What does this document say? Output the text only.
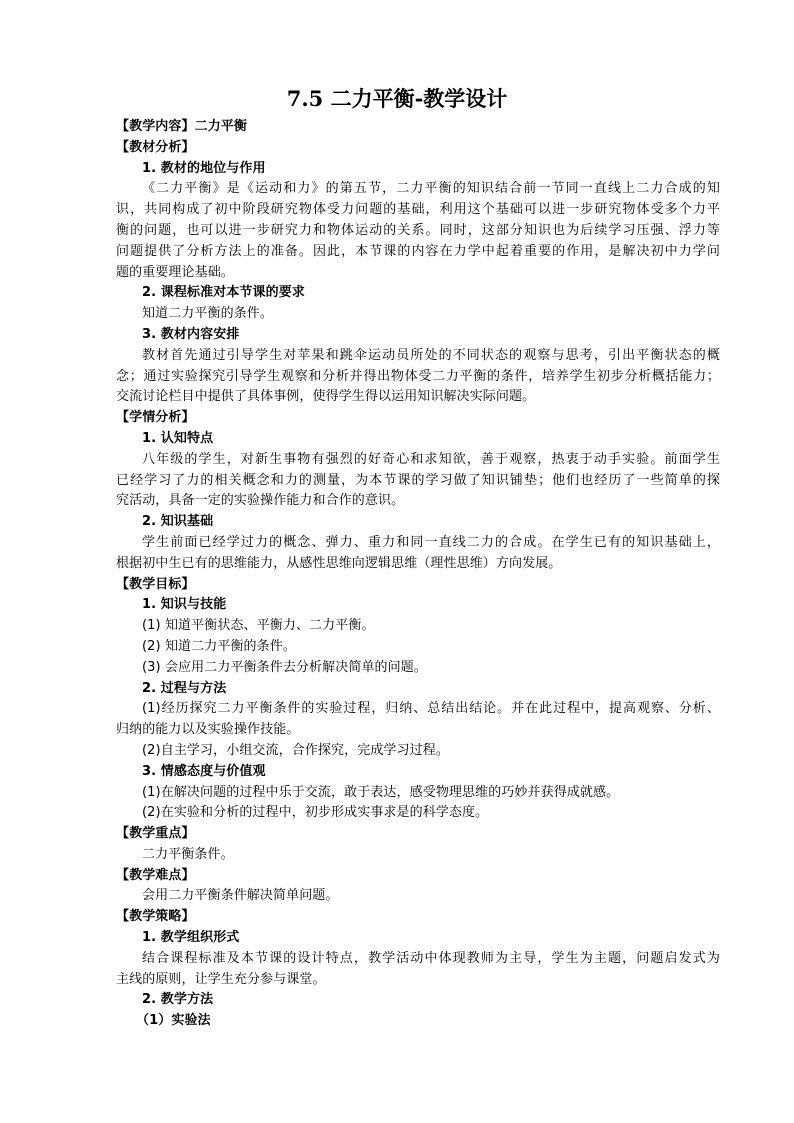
7.5 二力平衡-教学设计
【教学内容】二力平衡
【教材分析】
1. 教材的地位与作用
《二力平衡》是《运动和力》的第五节，二力平衡的知识结合前一节同一直线上二力合成的知
识，共同构成了初中阶段研究物体受力问题的基础，利用这个基础可以进一步研究物体受多个力平
衡的问题，也可以进一步研究力和物体运动的关系。同时，这部分知识也为后续学习压强、浮力等
问题提供了分析方法上的准备。因此，本节课的内容在力学中起着重要的作用，是解决初中力学问
题的重要理论基础。
2. 课程标准对本节课的要求
知道二力平衡的条件。
3. 教材内容安排
教材首先通过引导学生对苹果和跳伞运动员所处的不同状态的观察与思考，引出平衡状态的概
念；通过实验探究引导学生观察和分析并得出物体受二力平衡的条件，培养学生初步分析概括能力；
交流讨论栏目中提供了具体事例，使得学生得以运用知识解决实际问题。
【学情分析】
1. 认知特点
八年级的学生，对新生事物有强烈的好奇心和求知欲，善于观察，热衷于动手实验。前面学生
已经学习了力的相关概念和力的测量，为本节课的学习做了知识铺垫；他们也经历了一些简单的探
究活动，具备一定的实验操作能力和合作的意识。
2. 知识基础
学生前面已经学过力的概念、弹力、重力和同一直线二力的合成。在学生已有的知识基础上，
根据初中生已有的思维能力，从感性思维向逻辑思维（理性思维）方向发展。
【教学目标】
1. 知识与技能
(1) 知道平衡状态、平衡力、二力平衡。
(2) 知道二力平衡的条件。
(3) 会应用二力平衡条件去分析解决简单的问题。
2. 过程与方法
(1)经历探究二力平衡条件的实验过程，归纳、总结出结论。并在此过程中，提高观察、分析、
归纳的能力以及实验操作技能。
(2)自主学习，小组交流，合作探究，完成学习过程。
3. 情感态度与价值观
(1)在解决问题的过程中乐于交流，敢于表达，感受物理思维的巧妙并获得成就感。
(2)在实验和分析的过程中，初步形成实事求是的科学态度。
【教学重点】
二力平衡条件。
【教学难点】
会用二力平衡条件解决简单问题。
【教学策略】
1. 教学组织形式
结合课程标准及本节课的设计特点，教学活动中体现教师为主导，学生为主题，问题启发式为
主线的原则，让学生充分参与课堂。
2. 教学方法
（1）实验法
